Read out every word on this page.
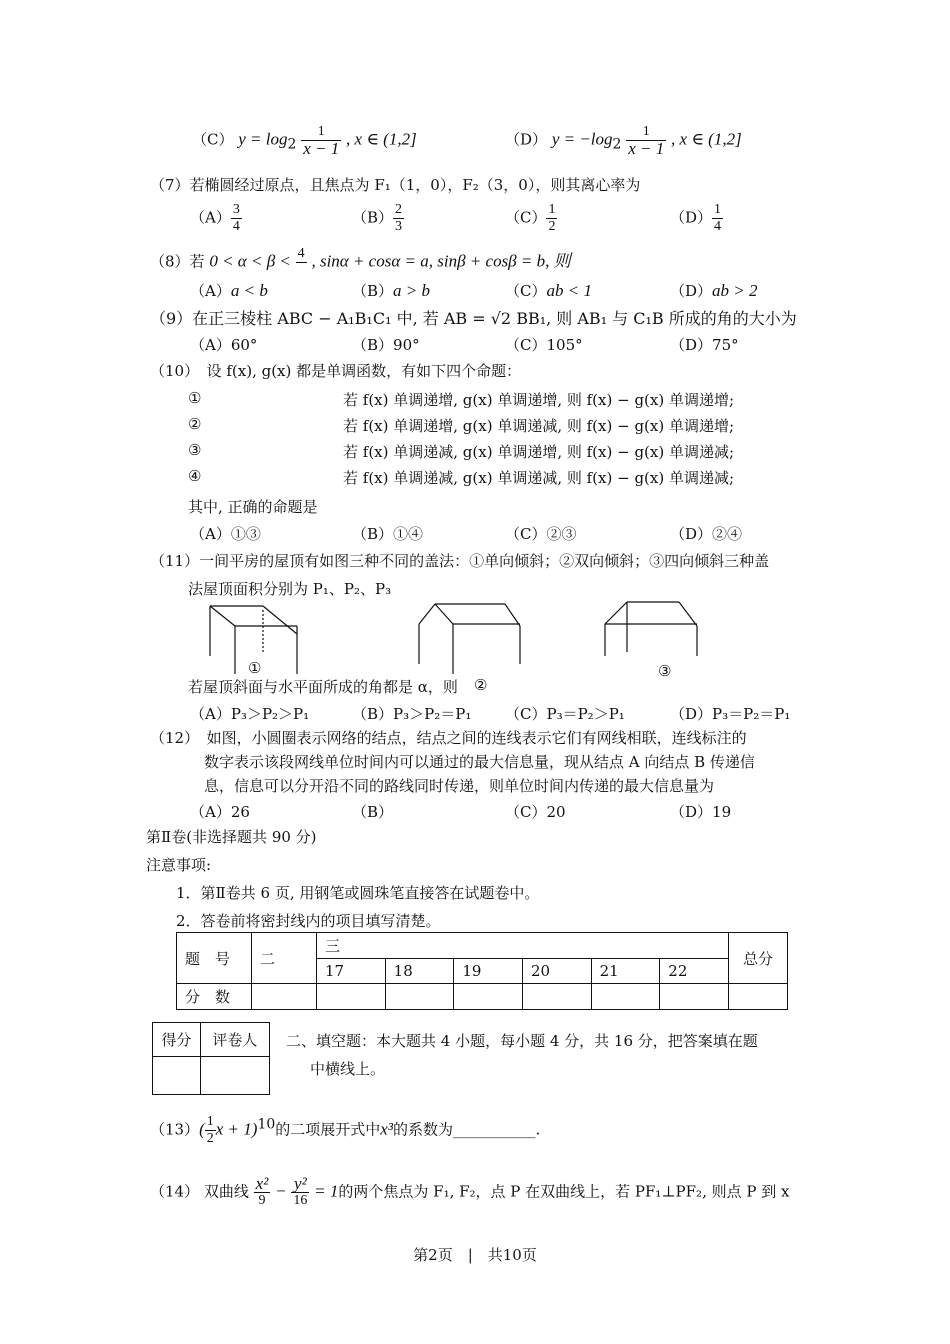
（C） $y = \log_2 \frac{1}{x - 1}$ , x ∈ (1,2]	（D） $y = -\log_2 \frac{1}{x - 1}$ , x ∈ (1,2]
（7）若椭圆经过原点，且焦点为 F₁（1，0），F₂（3，0），则其离心率为
$(A) \frac{3}{4}$	$(B) \frac{2}{3}$	$(C) \frac{1}{2}$	$(D) \frac{1}{4}$
（8）若 0 < α < β < 4
, sinα + cosα = a, sinβ + cosβ = b, 则
（A）a < b	（B）a > b	（C）ab < 1	（D）ab > 2
（9）在正三棱柱 ABC − A₁B₁C₁ 中, 若 AB = √2 BB₁, 则 AB₁ 与 C₁B 所成的角的大小为
（A）60°	（B）90°	（C）105°	（D）75°
（10）　设 f(x), g(x) 都是单调函数，有如下四个命题：
①	若 f(x) 单调递增, g(x) 单调递增, 则 f(x) − g(x) 单调递增;
②	若 f(x) 单调递增, g(x) 单调递减, 则 f(x) − g(x) 单调递增;
③	若 f(x) 单调递减, g(x) 单调递增, 则 f(x) − g(x) 单调递减;
④	若 f(x) 单调递减, g(x) 单调递减, 则 f(x) − g(x) 单调递减;
其中, 正确的命题是
（A）①③	（B）①④	（C）②③	（D）②④
（11）一间平房的屋顶有如图三种不同的盖法：①单向倾斜；②双向倾斜；③四向倾斜三种盖
法屋顶面积分别为 P₁、P₂、P₃
①
②
③
若屋顶斜面与水平面所成的角都是 α，则
（A）P₃＞P₂＞P₁	（B）P₃＞P₂＝P₁ （C）P₃＝P₂＞P₁	（D）P₃＝P₂＝P₁
（12）　如图，小圆圈表示网络的结点，结点之间的连线表示它们有网线相联，连线标注的
数字表示该段网线单位时间内可以通过的最大信息量，现从结点 A 向结点 B 传递信
息，信息可以分开沿不同的路线同时传递，则单位时间内传递的最大信息量为
（A）26	（B）	（C）20	（D）19
第Ⅱ卷(非选择题共 90 分)
注意事项:
1．第Ⅱ卷共 6 页, 用钢笔或圆珠笔直接答在试题卷中。
2．答卷前将密封线内的项目填写清楚。
题　号	二	三						总分
		17	18	19	20	21	22	
分　数								
得分	评卷人
	二、填空题：本大题共 4 小题，每小题 4 分，共 16 分，把答案填在题
中横线上。
$(13)( \frac{1}{2}$ $x + 1)^{10}$的二项展开式中x³的系数为___________.
（14） 双曲线 $\frac{\text{x²}}{9} - \frac{\text{y²}}{16} = 1$的两个焦点为 F₁, F₂，点 P 在双曲线上，若 PF₁⊥PF₂, 则点 P 到 x
第2页　|　共10页
